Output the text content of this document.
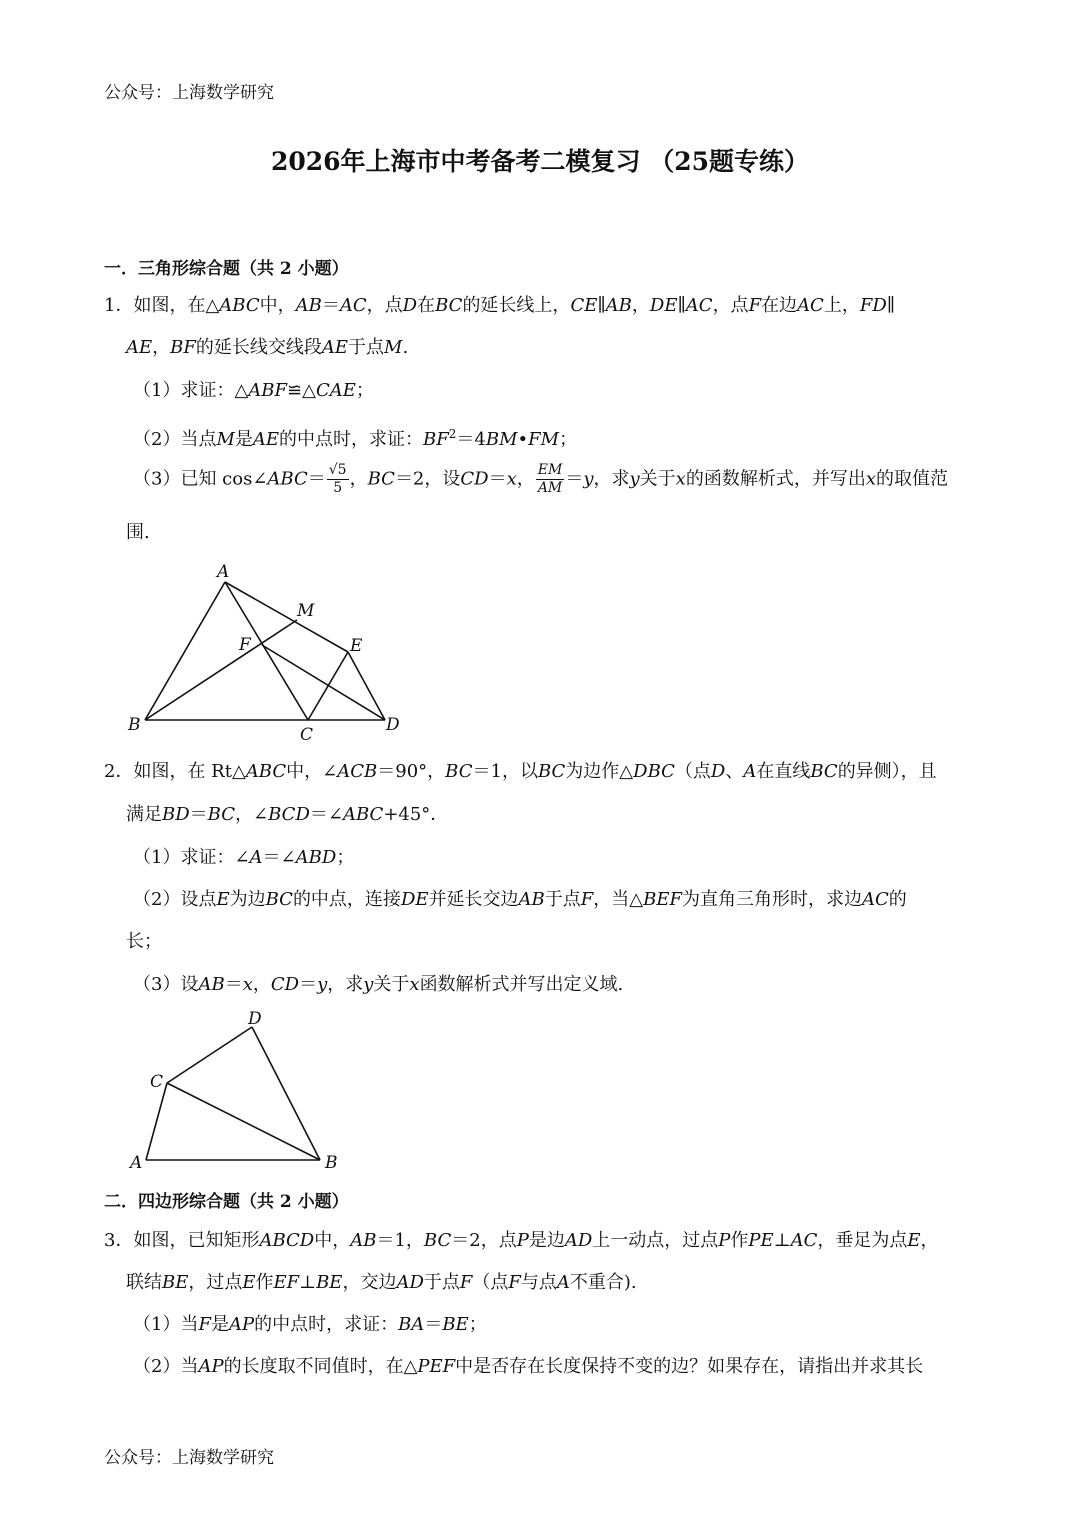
公众号：上海数学研究
2026年上海市中考备考二模复习 （25题专练）
一．三角形综合题（共 2 小题）
1．如图，在△ABC中，AB＝AC，点D在BC的延长线上，CE∥AB，DE∥AC，点F在边AC上，FD∥
AE，BF的延长线交线段AE于点M.
（1）求证：△ABF≌△CAE；
（2）当点M是AE的中点时，求证：$BF^2=4BM•FM$；
（3）已知 cos∠ABC＝ $\frac{√5}{5}$ ，BC＝2，设CD＝x， $\frac{EM}{AM} =y$，求y关于x的函数解析式，并写出x的取值范
围.
A
B	C	D
E
F
M
2．如图，在 Rt△ABC中，∠ACB＝90°，BC＝1，以BC为边作△DBC（点D、A在直线BC的异侧），且
满足BD＝BC，∠BCD＝∠ABC+45°．
（1）求证：∠A＝∠ABD；
（2）设点E为边BC的中点，连接DE并延长交边AB于点F，当△BEF为直角三角形时，求边AC的
长；
（3）设AB＝x，CD＝y，求y关于x函数解析式并写出定义域.
A	B
C
D
二．四边形综合题（共 2 小题）
3．如图，已知矩形ABCD中，AB＝1，BC＝2，点P是边AD上一动点，过点P作PE⊥AC，垂足为点E，
联结BE，过点E作EF⊥BE，交边AD于点F（点F与点A不重合).
（1）当F是AP的中点时，求证：BA＝BE；
（2）当AP的长度取不同值时，在△PEF中是否存在长度保持不变的边？如果存在，请指出并求其长
公众号：上海数学研究
